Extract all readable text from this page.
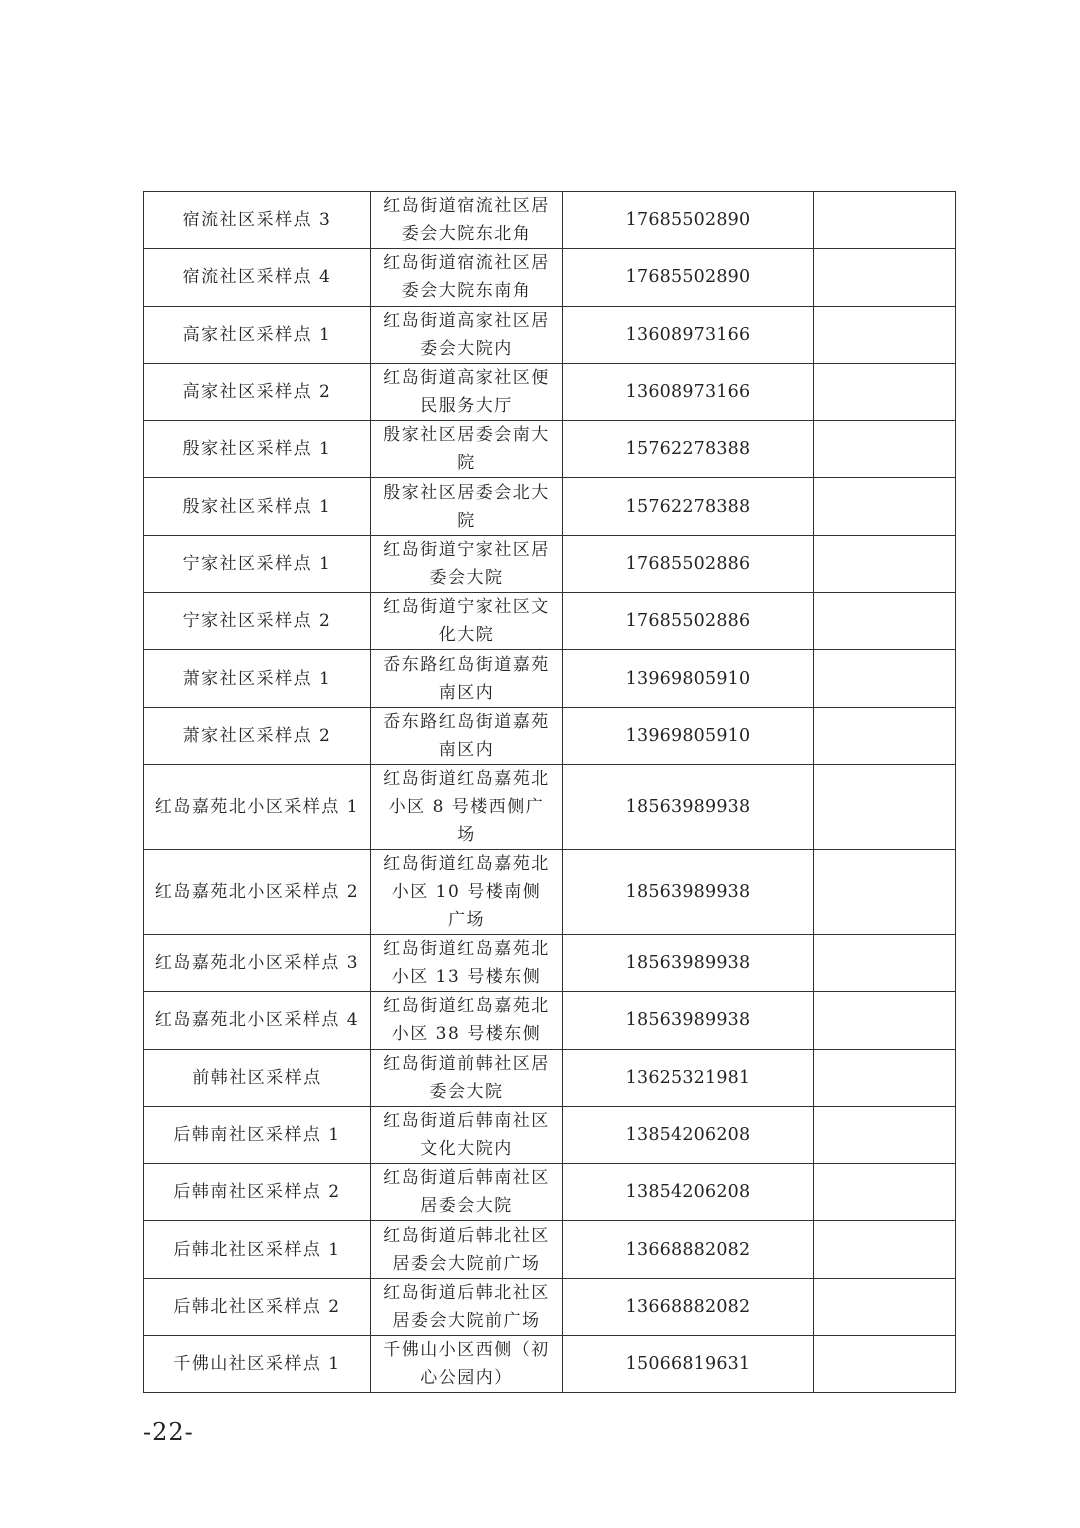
宿流社区采样点 3	红岛街道宿流社区居委会大院东北角	17685502890	
宿流社区采样点 4	红岛街道宿流社区居委会大院东南角	17685502890	
高家社区采样点 1	红岛街道高家社区居委会大院内	13608973166	
高家社区采样点 2	红岛街道高家社区便民服务大厅	13608973166	
殷家社区采样点 1	殷家社区居委会南大院	15762278388	
殷家社区采样点 1	殷家社区居委会北大院	15762278388	
宁家社区采样点 1	红岛街道宁家社区居委会大院	17685502886	
宁家社区采样点 2	红岛街道宁家社区文化大院	17685502886	
萧家社区采样点 1	岙东路红岛街道嘉苑南区内	13969805910	
萧家社区采样点 2	岙东路红岛街道嘉苑南区内	13969805910	
红岛嘉苑北小区采样点 1	红岛街道红岛嘉苑北小区 8 号楼西侧广场	18563989938	
红岛嘉苑北小区采样点 2	红岛街道红岛嘉苑北小区 10 号楼南侧广场	18563989938	
红岛嘉苑北小区采样点 3	红岛街道红岛嘉苑北小区 13 号楼东侧	18563989938	
红岛嘉苑北小区采样点 4	红岛街道红岛嘉苑北小区 38 号楼东侧	18563989938	
前韩社区采样点	红岛街道前韩社区居委会大院	13625321981	
后韩南社区采样点 1	红岛街道后韩南社区文化大院内	13854206208	
后韩南社区采样点 2	红岛街道后韩南社区居委会大院	13854206208	
后韩北社区采样点 1	红岛街道后韩北社区居委会大院前广场	13668882082	
后韩北社区采样点 2	红岛街道后韩北社区居委会大院前广场	13668882082	
千佛山社区采样点 1	千佛山小区西侧（初心公园内）	15066819631	
-22-
